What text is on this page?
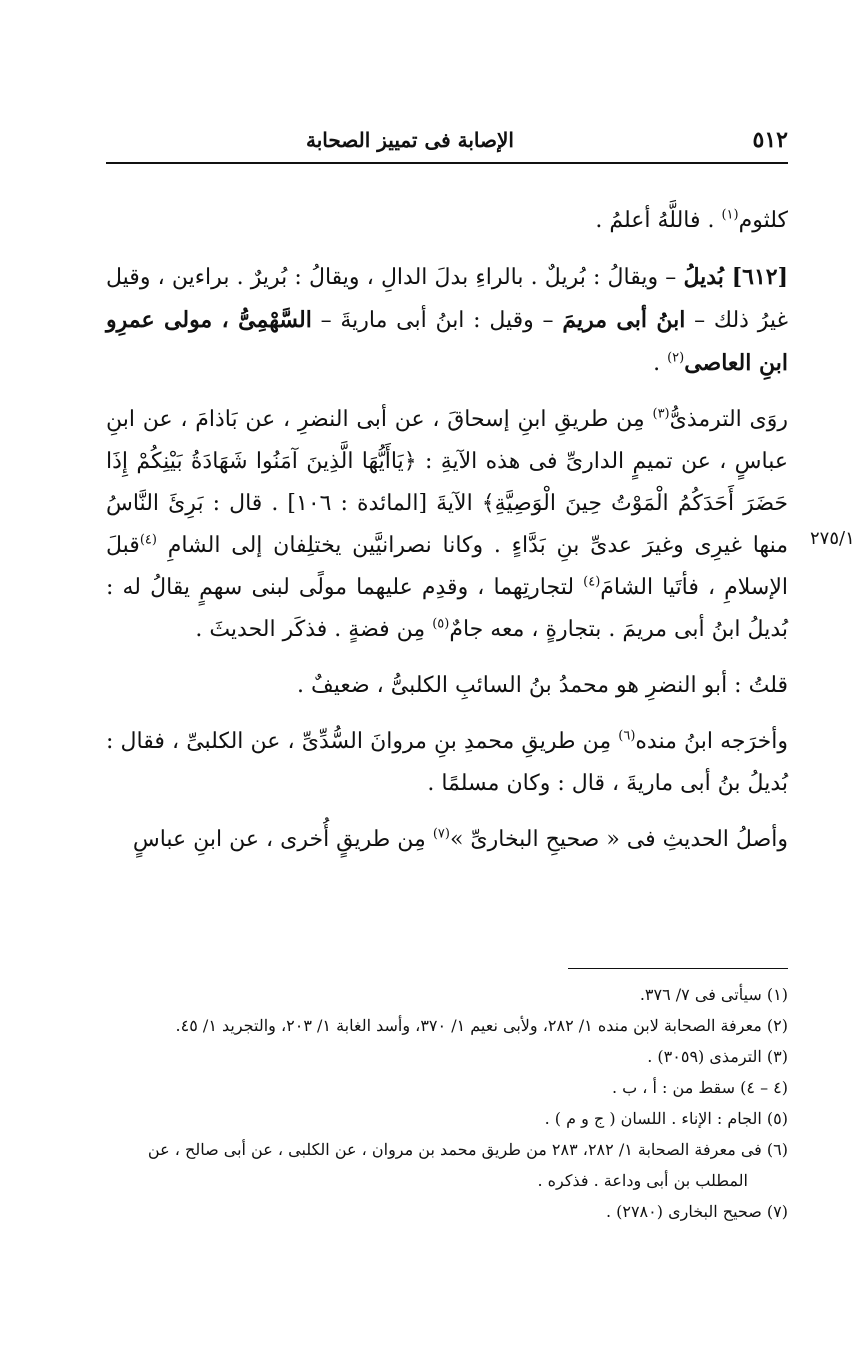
٥١٢
الإصابة فى تمييز الصحابة
٢٧٥/١

كلثوم$^{(١)}$ . فاللَّهُ أعلمُ .

[٦١٢] بُديلُ – ويقالُ : بُريلٌ . بالراءِ بدلَ الدالِ ، ويقالُ : بُريرٌ . براءين ، وقيل غيرُ ذلك – ابنُ أبى مريمَ – وقيل : ابنُ أبى ماريةَ – السَّهْمِىُّ ، مولى عمرِو ابنِ العاصى$^{(٢)}$ .

روَى الترمذىُّ$^{(٣)}$ مِن طريقِ ابنِ إسحاقَ ، عن أبى النضرِ ، عن بَاذامَ ، عن ابنِ عباسٍ ، عن تميمٍ الدارىِّ فى هذه الآيةِ : ﴿يَاأَيُّهَا الَّذِينَ آمَنُوا شَهَادَةُ بَيْنِكُمْ إِذَا حَضَرَ أَحَدَكُمُ الْمَوْتُ حِينَ الْوَصِيَّةِ﴾ الآيةَ [المائدة : ١٠٦] . قال : بَرِئَ النَّاسُ منها غيرِى وغيرَ عدىِّ بنِ بَدَّاءٍ . وكانا نصرانيَّين يختلِفان إلى الشامِ $^{(٤)}$قبلَ الإسلامِ ، فأتَيا الشامَ$^{(٤)}$ لتجارتِهما ، وقدِم عليهما مولًى لبنى سهمٍ يقالُ له : بُديلُ ابنُ أبى مريمَ . بتجارةٍ ، معه جامٌ$^{(٥)}$ مِن فضةٍ . فذكَر الحديثَ .

قلتُ : أبو النضرِ هو محمدُ بنُ السائبِ الكلبىُّ ، ضعيفٌ .

وأخرَجه ابنُ منده$^{(٦)}$ مِن طريقِ محمدِ بنِ مروانَ السُّدِّىِّ ، عن الكلبىِّ ، فقال : بُديلُ بنُ أبى ماريةَ ، قال : وكان مسلمًا .

وأصلُ الحديثِ فى « صحيحِ البخارىِّ »$^{(٧)}$ مِن طريقٍ أُخرى ، عن ابنِ عباسٍ

(١) سيأتى فى ٧/ ٣٧٦.

(٢) معرفة الصحابة لابن منده ١/ ٢٨٢، ولأبى نعيم ١/ ٣٧٠، وأسد الغابة ١/ ٢٠٣، والتجريد ١/ ٤٥.

(٣) الترمذى (٣٠٥٩) .

(٤ – ٤) سقط من : أ ، ب .

(٥) الجام : الإناء . اللسان ( ج و م ) .

(٦) فى معرفة الصحابة ١/ ٢٨٢، ٢٨٣ من طريق محمد بن مروان ، عن الكلبى ، عن أبى صالح ، عن

المطلب بن أبى وداعة . فذكره .

(٧) صحيح البخارى (٢٧٨٠) .
